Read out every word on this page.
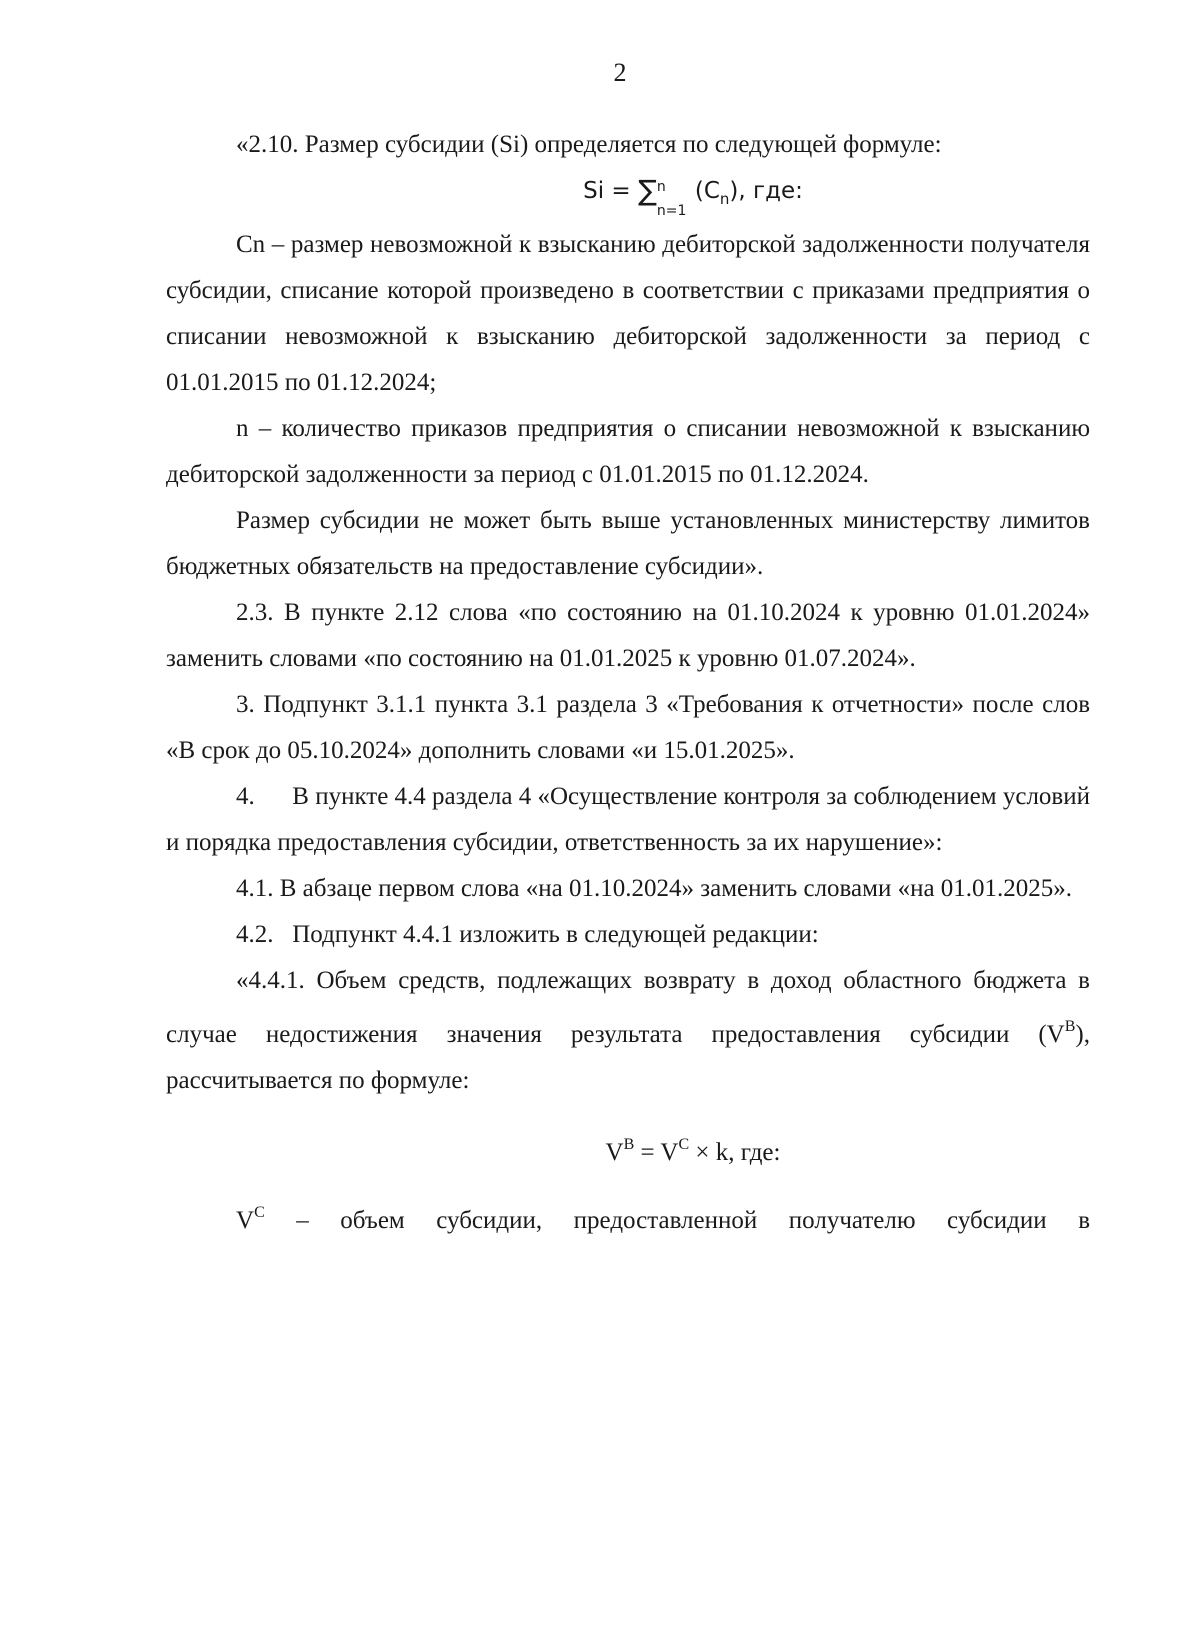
2

«2.10. Размер субсидии (Si) определяется по следующей формуле:

Si = ∑ n
n=1
$(C_n)$, где:

Cn – размер невозможной к взысканию дебиторской задолженности получателя субсидии, списание которой произведено в соответствии с приказами предприятия о списании невозможной к взысканию дебиторской задолженности за период с 01.01.2015 по 01.12.2024;

n – количество приказов предприятия о списании невозможной к взысканию дебиторской задолженности за период с 01.01.2015 по 01.12.2024.

Размер субсидии не может быть выше установленных министерству лимитов бюджетных обязательств на предоставление субсидии».

2.3. В пункте 2.12 слова «по состоянию на 01.10.2024 к уровню 01.01.2024» заменить словами «по состоянию на 01.01.2025 к уровню 01.07.2024».

3. Подпункт 3.1.1 пункта 3.1 раздела 3 «Требования к отчетности» после слов «В срок до 05.10.2024» дополнить словами «и 15.01.2025».

4.      В пункте 4.4 раздела 4 «Осуществление контроля за соблюдением условий и порядка предоставления субсидии, ответственность за их нарушение»:

4.1. В абзаце первом слова «на 01.10.2024» заменить словами «на 01.01.2025».

4.2.   Подпункт 4.4.1 изложить в следующей редакции:

«4.4.1. Объем средств, подлежащих возврату в доход областного бюджета в случае недостижения значения результата предоставления субсидии $(V^B)$, рассчитывается по формуле:

$V^B = V^C \times k$, где:

$V^C$ – объем субсидии, предоставленной получателю субсидии в
